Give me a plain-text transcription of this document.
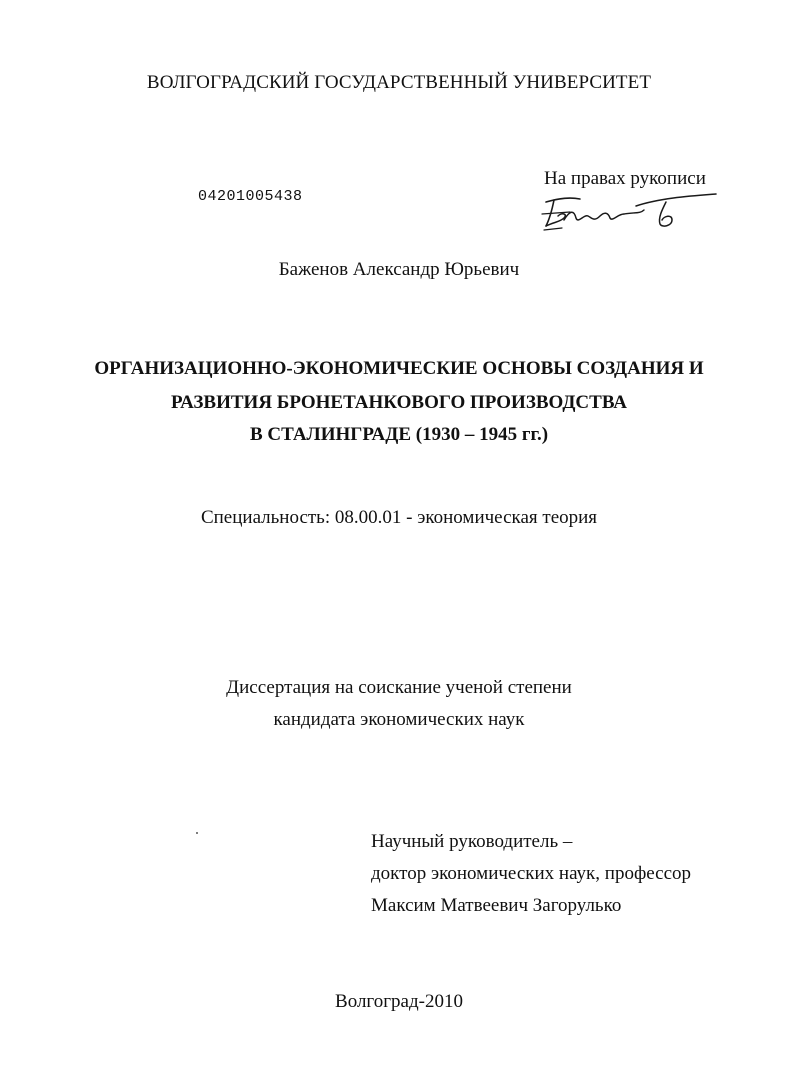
ВОЛГОГРАДСКИЙ ГОСУДАРСТВЕННЫЙ УНИВЕРСИТЕТ
04201005438
На правах рукописи
Баженов Александр Юрьевич
ОРГАНИЗАЦИОННО-ЭКОНОМИЧЕСКИЕ ОСНОВЫ СОЗДАНИЯ И
РАЗВИТИЯ БРОНЕТАНКОВОГО ПРОИЗВОДСТВА
В СТАЛИНГРАДЕ (1930 – 1945 гг.)
Специальность: 08.00.01 - экономическая теория
Диссертация на соискание ученой степени
кандидата экономических наук
Научный руководитель –
доктор экономических наук, профессор
Максим Матвеевич Загорулько
Волгоград-2010
